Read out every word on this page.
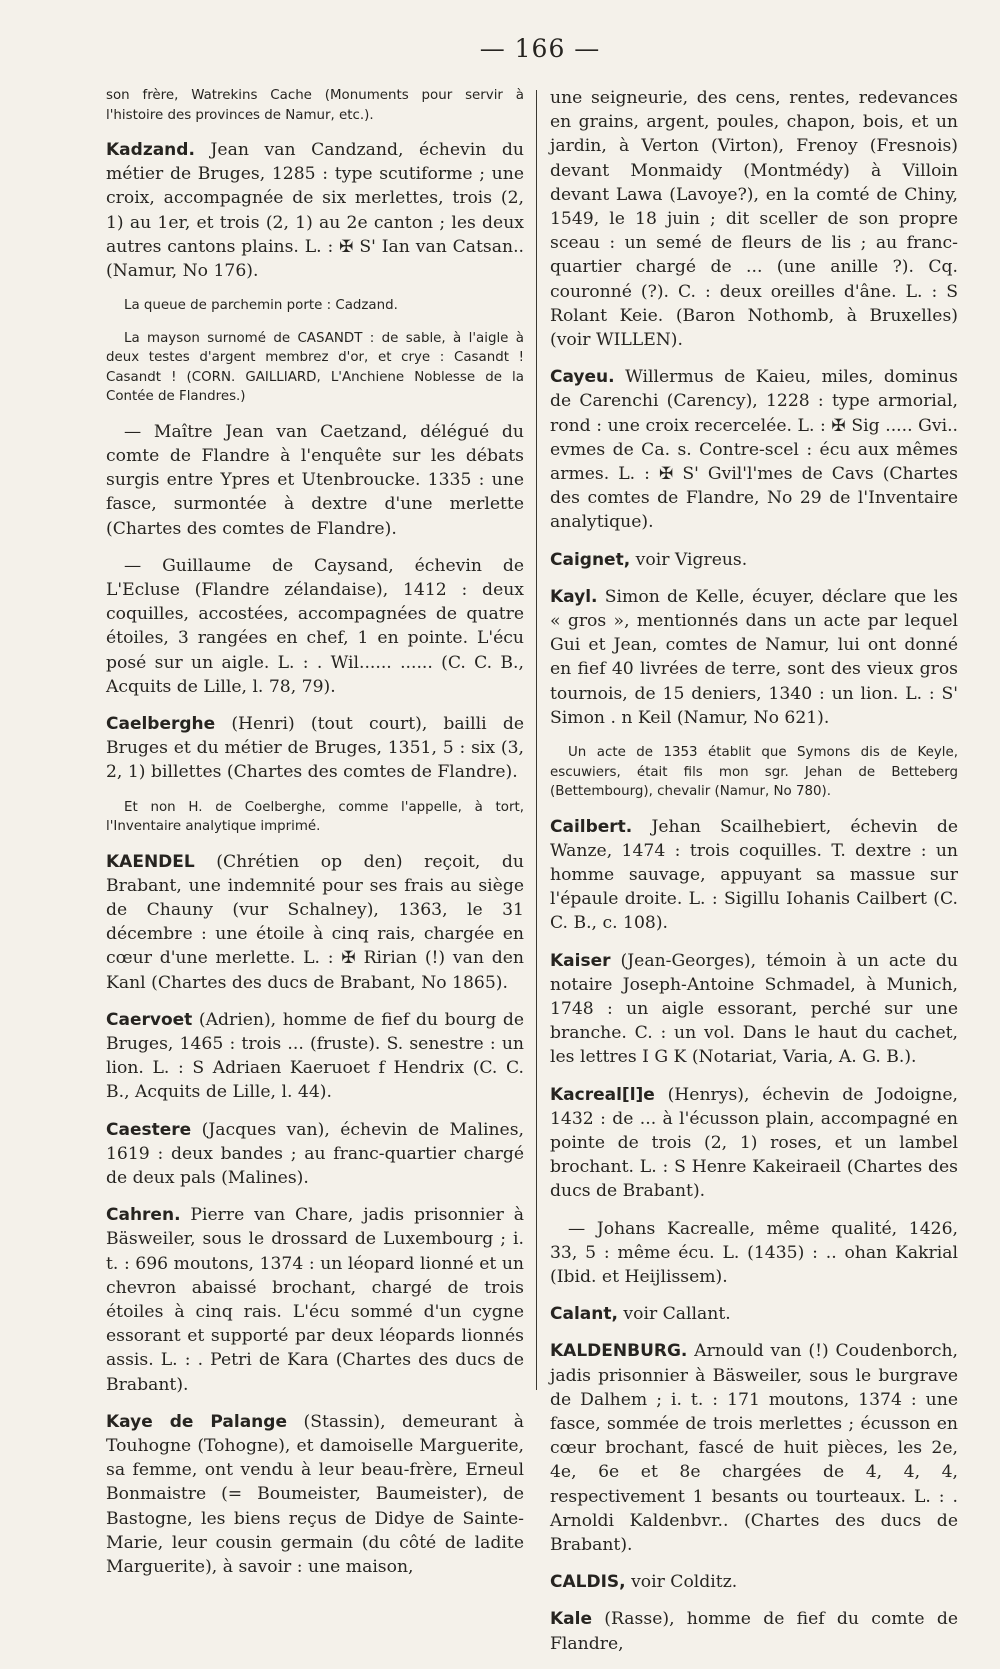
— 166 —

son frère, Watrekins Cache (Monuments pour servir à l'histoire des provinces de Namur, etc.).

Kadzand. Jean van Candzand, échevin du métier de Bruges, 1285 : type scutiforme ; une croix, accompagnée de six merlettes, trois (2, 1) au 1er, et trois (2, 1) au 2e canton ; les deux autres cantons plains. L. : ✠ S' Ian van Catsan.. (Namur, No 176).

La queue de parchemin porte : Cadzand.

La mayson surnomé de CASANDT : de sable, à l'aigle à deux testes d'argent membrez d'or, et crye : Casandt ! Casandt ! (CORN. GAILLIARD, L'Anchiene Noblesse de la Contée de Flandres.)

— Maître Jean van Caetzand, délégué du comte de Flandre à l'enquête sur les débats surgis entre Ypres et Utenbroucke. 1335 : une fasce, surmontée à dextre d'une merlette (Chartes des comtes de Flandre).

— Guillaume de Caysand, échevin de L'Ecluse (Flandre zélandaise), 1412 : deux coquilles, accostées, accompagnées de quatre étoiles, 3 rangées en chef, 1 en pointe. L'écu posé sur un aigle. L. : . Wil...... ...... (C. C. B., Acquits de Lille, l. 78, 79).

Caelberghe (Henri) (tout court), bailli de Bruges et du métier de Bruges, 1351, 5 : six (3, 2, 1) billettes (Chartes des comtes de Flandre).

Et non H. de Coelberghe, comme l'appelle, à tort, l'Inventaire analytique imprimé.

KAENDEL (Chrétien op den) reçoit, du Brabant, une indemnité pour ses frais au siège de Chauny (vur Schalney), 1363, le 31 décembre : une étoile à cinq rais, chargée en cœur d'une merlette. L. : ✠ Ririan (!) van den Kanl (Chartes des ducs de Brabant, No 1865).

Caervoet (Adrien), homme de fief du bourg de Bruges, 1465 : trois ... (fruste). S. senestre : un lion. L. : S Adriaen Kaeruoet f Hendrix (C. C. B., Acquits de Lille, l. 44).

Caestere (Jacques van), échevin de Malines, 1619 : deux bandes ; au franc-quartier chargé de deux pals (Malines).

Cahren. Pierre van Chare, jadis prisonnier à Bäsweiler, sous le drossard de Luxembourg ; i. t. : 696 moutons, 1374 : un léopard lionné et un chevron abaissé brochant, chargé de trois étoiles à cinq rais. L'écu sommé d'un cygne essorant et supporté par deux léopards lionnés assis. L. : . Petri de Kara (Chartes des ducs de Brabant).

Kaye de Palange (Stassin), demeurant à Touhogne (Tohogne), et damoiselle Marguerite, sa femme, ont vendu à leur beau-frère, Erneul Bonmaistre (= Boumeister, Baumeister), de Bastogne, les biens reçus de Didye de Sainte-Marie, leur cousin germain (du côté de ladite Marguerite), à savoir : une maison,

une seigneurie, des cens, rentes, redevances en grains, argent, poules, chapon, bois, et un jardin, à Verton (Virton), Frenoy (Fresnois) devant Monmaidy (Montmédy) à Villoin devant Lawa (Lavoye?), en la comté de Chiny, 1549, le 18 juin ; dit sceller de son propre sceau : un semé de fleurs de lis ; au franc-quartier chargé de ... (une anille ?). Cq. couronné (?). C. : deux oreilles d'âne. L. : S Rolant Keie. (Baron Nothomb, à Bruxelles) (voir WILLEN).

Cayeu. Willermus de Kaieu, miles, dominus de Carenchi (Carency), 1228 : type armorial, rond : une croix recercelée. L. : ✠ Sig ..... Gvi.. evmes de Ca. s. Contre-scel : écu aux mêmes armes. L. : ✠ S' Gvil'l'mes de Cavs (Chartes des comtes de Flandre, No 29 de l'Inventaire analytique).

Caignet, voir Vigreus.

Kayl. Simon de Kelle, écuyer, déclare que les « gros », mentionnés dans un acte par lequel Gui et Jean, comtes de Namur, lui ont donné en fief 40 livrées de terre, sont des vieux gros tournois, de 15 deniers, 1340 : un lion. L. : S' Simon . n Keil (Namur, No 621).

Un acte de 1353 établit que Symons dis de Keyle, escuwiers, était fils mon sgr. Jehan de Betteberg (Bettembourg), chevalir (Namur, No 780).

Cailbert. Jehan Scailhebiert, échevin de Wanze, 1474 : trois coquilles. T. dextre : un homme sauvage, appuyant sa massue sur l'épaule droite. L. : Sigillu Iohanis Cailbert (C. C. B., c. 108).

Kaiser (Jean-Georges), témoin à un acte du notaire Joseph-Antoine Schmadel, à Munich, 1748 : un aigle essorant, perché sur une branche. C. : un vol. Dans le haut du cachet, les lettres I G K (Notariat, Varia, A. G. B.).

Kacreal[l]e (Henrys), échevin de Jodoigne, 1432 : de ... à l'écusson plain, accompagné en pointe de trois (2, 1) roses, et un lambel brochant. L. : S Henre Kakeiraeil (Chartes des ducs de Brabant).

— Johans Kacrealle, même qualité, 1426, 33, 5 : même écu. L. (1435) : .. ohan Kakrial (Ibid. et Heijlissem).

Calant, voir Callant.

KALDENBURG. Arnould van (!) Coudenborch, jadis prisonnier à Bäsweiler, sous le burgrave de Dalhem ; i. t. : 171 moutons, 1374 : une fasce, sommée de trois merlettes ; écusson en cœur brochant, fascé de huit pièces, les 2e, 4e, 6e et 8e chargées de 4, 4, 4, respectivement 1 besants ou tourteaux. L. : . Arnoldi Kaldenbvr.. (Chartes des ducs de Brabant).

CALDIS, voir Colditz.

Kale (Rasse), homme de fief du comte de Flandre,
